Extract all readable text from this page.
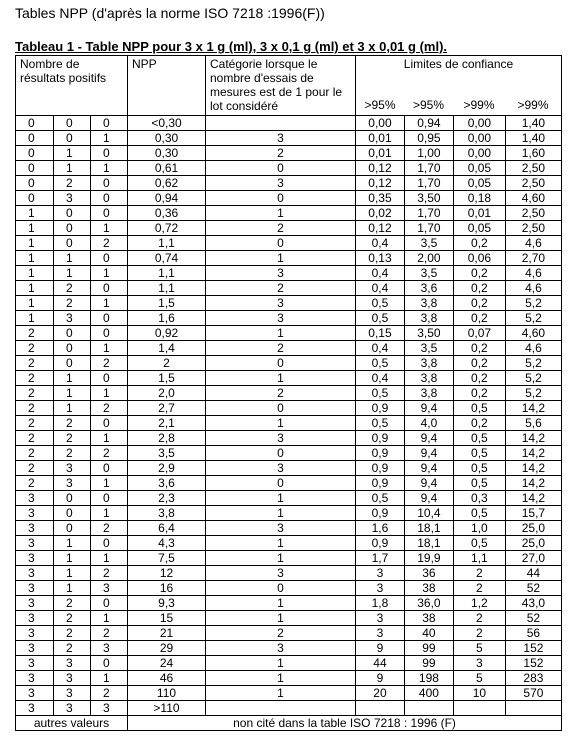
Tables NPP (d'après la norme ISO 7218 :1996(F))
Tableau 1 - Table NPP pour 3 x 1 g (ml), 3 x 0,1 g (ml) et 3 x 0,01 g (ml).
Nombre de résultats positifs			NPP	Catégorie lorsque le nombre d'essais de mesures est de 1 pour le lot considéré	Limites de confiance
>95% >95% >99% >99%			

0	0	0	<0,30		0,00	0,94	0,00	1,40
0	0	1	0,30	3	0,01	0,95	0,00	1,40
0	1	0	0,30	2	0,01	1,00	0,00	1,60
0	1	1	0,61	0	0,12	1,70	0,05	2,50
0	2	0	0,62	3	0,12	1,70	0,05	2,50
0	3	0	0,94	0	0,35	3,50	0,18	4,60
1	0	0	0,36	1	0,02	1,70	0,01	2,50
1	0	1	0,72	2	0,12	1,70	0,05	2,50
1	0	2	1,1	0	0,4	3,5	0,2	4,6
1	1	0	0,74	1	0,13	2,00	0,06	2,70
1	1	1	1,1	3	0,4	3,5	0,2	4,6
1	2	0	1,1	2	0,4	3,6	0,2	4,6
1	2	1	1,5	3	0,5	3,8	0,2	5,2
1	3	0	1,6	3	0,5	3,8	0,2	5,2
2	0	0	0,92	1	0,15	3,50	0,07	4,60
2	0	1	1,4	2	0,4	3,5	0,2	4,6
2	0	2	2	0	0,5	3,8	0,2	5,2
2	1	0	1,5	1	0,4	3,8	0,2	5,2
2	1	1	2,0	2	0,5	3,8	0,2	5,2
2	1	2	2,7	0	0,9	9,4	0,5	14,2
2	2	0	2,1	1	0,5	4,0	0,2	5,6
2	2	1	2,8	3	0,9	9,4	0,5	14,2
2	2	2	3,5	0	0,9	9,4	0,5	14,2
2	3	0	2,9	3	0,9	9,4	0,5	14,2
2	3	1	3,6	0	0,9	9,4	0,5	14,2
3	0	0	2,3	1	0,5	9,4	0,3	14,2
3	0	1	3,8	1	0,9	10,4	0,5	15,7
3	0	2	6,4	3	1,6	18,1	1,0	25,0
3	1	0	4,3	1	0,9	18,1	0,5	25,0
3	1	1	7,5	1	1,7	19,9	1,1	27,0
3	1	2	12	3	3	36	2	44
3	1	3	16	0	3	38	2	52
3	2	0	9,3	1	1,8	36,0	1,2	43,0
3	2	1	15	1	3	38	2	52
3	2	2	21	2	3	40	2	56
3	2	3	29	3	9	99	5	152
3	3	0	24	1	44	99	3	152
3	3	1	46	1	9	198	5	283
3	3	2	110	1	20	400	10	570
3	3	3	>110					
autres valeurs			non cité dans la table ISO 7218 : 1996 (F)					
